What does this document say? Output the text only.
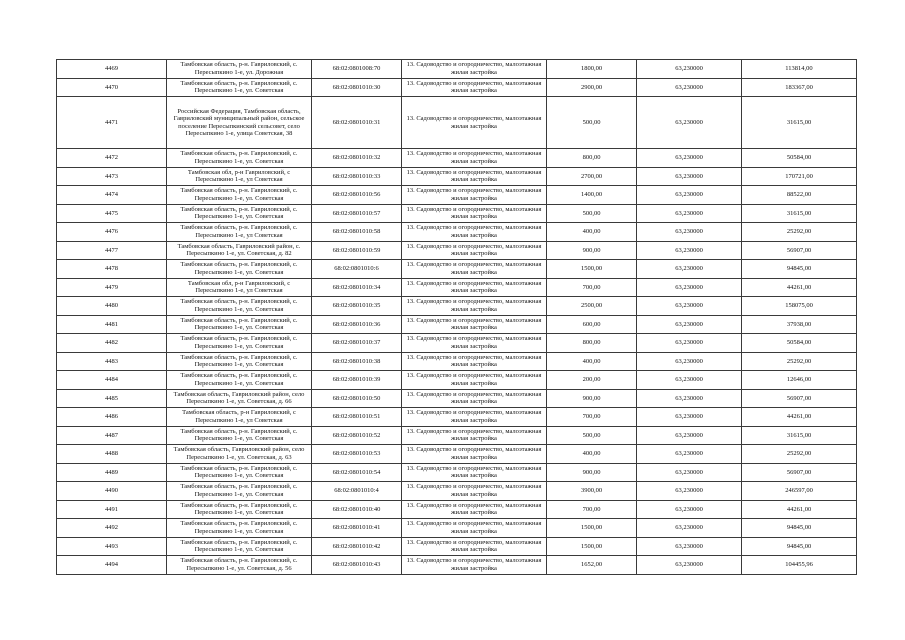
4469	Тамбовская область, р-н. Гавриловский, с. Пересыпкино 1-е, ул. Дорожная	68:02:0801008:70	13. Садоводство и огородничество, малоэтажная жилая застройка	1800,00	63,230000	113814,00
4470	Тамбовская область, р-н. Гавриловский, с. Пересыпкино 1-е, ул. Советская	68:02:0801010:30	13. Садоводство и огородничество, малоэтажная жилая застройка	2900,00	63,230000	183367,00
4471	Российская Федерация, Тамбовская область, Гавриловский муниципальный район, сельское поселение Пересыпкинский сельсовет, село Пересыпкино 1-е, улица Советская, 38	68:02:0801010:31	13. Садоводство и огородничество, малоэтажная жилая застройка	500,00	63,230000	31615,00
4472	Тамбовская область, р-н. Гавриловский, с. Пересыпкино 1-е, ул. Советская	68:02:0801010:32	13. Садоводство и огородничество, малоэтажная жилая застройка	800,00	63,230000	50584,00
4473	Тамбовская обл, р-н Гавриловский, с Пересыпкино 1-е, ул Советская	68:02:0801010:33	13. Садоводство и огородничество, малоэтажная жилая застройка	2700,00	63,230000	170721,00
4474	Тамбовская область, р-н. Гавриловский, с. Пересыпкино 1-е, ул. Советская	68:02:0801010:56	13. Садоводство и огородничество, малоэтажная жилая застройка	1400,00	63,230000	88522,00
4475	Тамбовская область, р-н. Гавриловский, с. Пересыпкино 1-е, ул. Советская	68:02:0801010:57	13. Садоводство и огородничество, малоэтажная жилая застройка	500,00	63,230000	31615,00
4476	Тамбовская область, р-н. Гавриловский, с. Пересыпкино 1-е, ул Советская	68:02:0801010:58	13. Садоводство и огородничество, малоэтажная жилая застройка	400,00	63,230000	25292,00
4477	Тамбовская область, Гавриловский район, с. Пересыпкино 1-е, ул. Советская, д. 82	68:02:0801010:59	13. Садоводство и огородничество, малоэтажная жилая застройка	900,00	63,230000	56907,00
4478	Тамбовская область, р-н. Гавриловский, с. Пересыпкино 1-е, ул. Советская	68:02:0801010:6	13. Садоводство и огородничество, малоэтажная жилая застройка	1500,00	63,230000	94845,00
4479	Тамбовская обл, р-н Гавриловский, с Пересыпкино 1-е, ул Советская	68:02:0801010:34	13. Садоводство и огородничество, малоэтажная жилая застройка	700,00	63,230000	44261,00
4480	Тамбовская область, р-н. Гавриловский, с. Пересыпкино 1-е, ул. Советская	68:02:0801010:35	13. Садоводство и огородничество, малоэтажная жилая застройка	2500,00	63,230000	158075,00
4481	Тамбовская область, р-н. Гавриловский, с. Пересыпкино 1-е, ул. Советская	68:02:0801010:36	13. Садоводство и огородничество, малоэтажная жилая застройка	600,00	63,230000	37938,00
4482	Тамбовская область, р-н. Гавриловский, с. Пересыпкино 1-е, ул. Советская	68:02:0801010:37	13. Садоводство и огородничество, малоэтажная жилая застройка	800,00	63,230000	50584,00
4483	Тамбовская область, р-н. Гавриловский, с. Пересыпкино 1-е, ул. Советская	68:02:0801010:38	13. Садоводство и огородничество, малоэтажная жилая застройка	400,00	63,230000	25292,00
4484	Тамбовская область, р-н. Гавриловский, с. Пересыпкино 1-е, ул. Советская	68:02:0801010:39	13. Садоводство и огородничество, малоэтажная жилая застройка	200,00	63,230000	12646,00
4485	Тамбовская область, Гавриловский район, село Пересыпкино 1-е, ул. Советская, д. 66	68:02:0801010:50	13. Садоводство и огородничество, малоэтажная жилая застройка	900,00	63,230000	56907,00
4486	Тамбовская область, р-н Гавриловский, с Пересыпкино 1-е, ул Советская	68:02:0801010:51	13. Садоводство и огородничество, малоэтажная жилая застройка	700,00	63,230000	44261,00
4487	Тамбовская область, р-н. Гавриловский, с. Пересыпкино 1-е, ул. Советская	68:02:0801010:52	13. Садоводство и огородничество, малоэтажная жилая застройка	500,00	63,230000	31615,00
4488	Тамбовская область, Гавриловский район, село Пересыпкино 1-е, ул. Советская, д. 63	68:02:0801010:53	13. Садоводство и огородничество, малоэтажная жилая застройка	400,00	63,230000	25292,00
4489	Тамбовская область, р-н. Гавриловский, с. Пересыпкино 1-е, ул. Советская	68:02:0801010:54	13. Садоводство и огородничество, малоэтажная жилая застройка	900,00	63,230000	56907,00
4490	Тамбовская область, р-н. Гавриловский, с. Пересыпкино 1-е, ул. Советская	68:02:0801010:4	13. Садоводство и огородничество, малоэтажная жилая застройка	3900,00	63,230000	246597,00
4491	Тамбовская область, р-н. Гавриловский, с. Пересыпкино 1-е, ул. Советская	68:02:0801010:40	13. Садоводство и огородничество, малоэтажная жилая застройка	700,00	63,230000	44261,00
4492	Тамбовская область, р-н. Гавриловский, с. Пересыпкино 1-е, ул. Советская	68:02:0801010:41	13. Садоводство и огородничество, малоэтажная жилая застройка	1500,00	63,230000	94845,00
4493	Тамбовская область, р-н. Гавриловский, с. Пересыпкино 1-е, ул. Советская	68:02:0801010:42	13. Садоводство и огородничество, малоэтажная жилая застройка	1500,00	63,230000	94845,00
4494	Тамбовская область, р-н. Гавриловский, с. Пересыпкино 1-е, ул. Советская, д. 56	68:02:0801010:43	13. Садоводство и огородничество, малоэтажная жилая застройка	1652,00	63,230000	104455,96
